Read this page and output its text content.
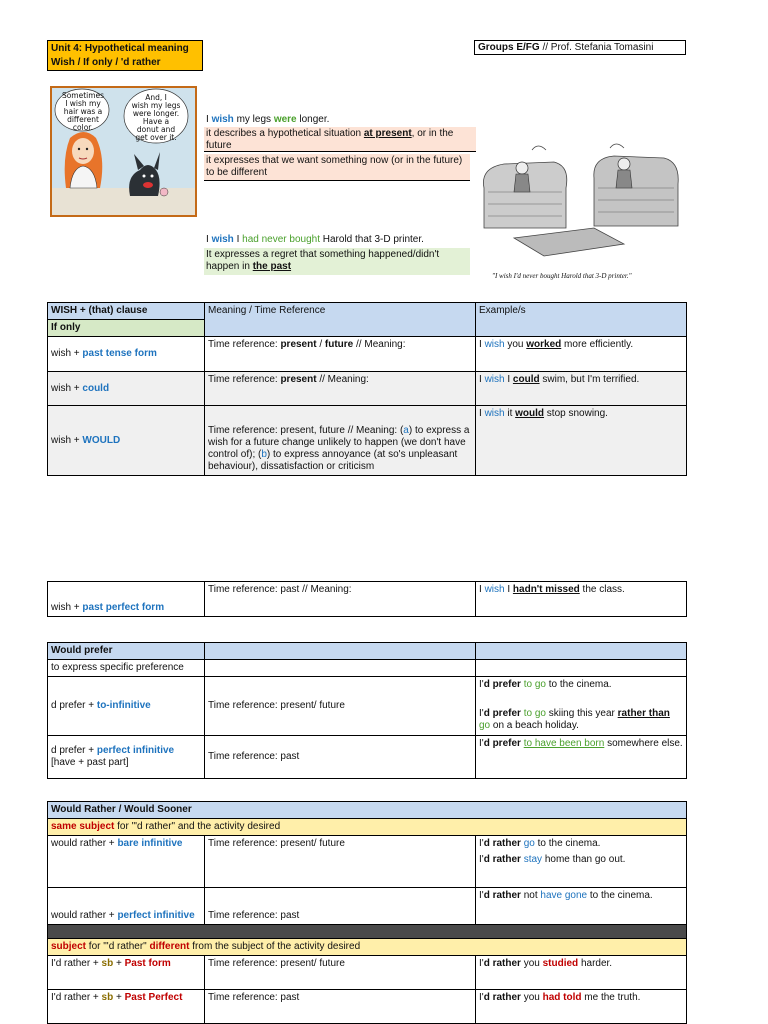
Unit 4: Hypothetical meaning
Wish / If only / 'd rather
Groups E/FG // Prof. Stefania Tomasini
Sometimes
I wish my
hair was a
different
color.
And, I
wish my legs
were longer.
Have a
donut and
get over it.
"I wish I'd never bought Harold that 3-D printer."
I wish my legs were longer.
it describes a hypothetical situation at present, or in the
future
it expresses that we want something now (or in the future)
to be different
I wish I had never bought Harold that 3-D printer.
It expresses a regret that something happened/didn't
happen in the past
WISH + (that) clause	Meaning / Time Reference	Example/s
If only		
wish + past tense form	Time reference: present / future // Meaning:	I wish you worked more efficiently.
wish + could	Time reference: present // Meaning:	I wish I could swim, but I'm terrified.
wish + WOULD	Time reference: present, future // Meaning: (a) to express a wish for a future change unlikely to happen (we don't have control of); (b) to express annoyance (at so's unpleasant behaviour), dissatisfaction or criticism	I wish it would stop snowing.
wish + past perfect form	Time reference: past // Meaning:	I wish I hadn't missed the class.
Would prefer		
to express specific preference		
d prefer + to-infinitive	Time reference: present/ future	I'd prefer to go to the cinema.
I'd prefer to go skiing this year rather than go on a beach holiday.

d prefer + perfect infinitive
[have + past part]	Time reference: past	I'd prefer to have been born somewhere else.
Would Rather / Would Sooner		
same subject for "'d rather" and the activity desired		
would rather + bare infinitive	Time reference: present/ future	I'd rather go to the cinema.
I'd rather stay home than go out.

would rather + perfect infinitive	Time reference: past	I'd rather not have gone to the cinema.

subject for "'d rather" different from the subject of the activity desired		
I'd rather + sb + Past form	Time reference: present/ future	I'd rather you studied harder.
I'd rather + sb + Past Perfect	Time reference: past	I'd rather you had told me the truth.
